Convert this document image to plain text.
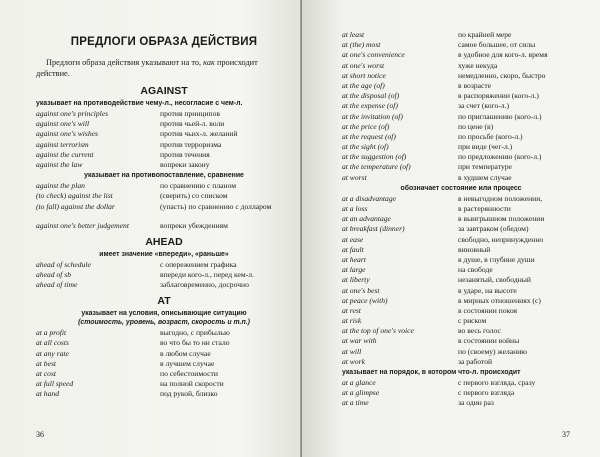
ПРЕДЛОГИ ОБРАЗА ДЕЙСТВИЯ

Предлоги образа действия указывают на то, как происходит действие.

AGAINST
указывает на противодействие чему-л., несогласие с чем-л.
against one's principles	против принципов
against one's will	против чьей-л. воли
against one's wishes	против чьих-л. желаний
against terrorism	против терроризма
against the current	против течения
against the law	вопреки закону
указывает на противопоставление, сравнение
against the plan	по сравнению с планом
(to check) against the list	(сверить) со списком
(to fall) against the dollar	(упасть) по сравнению с долларом
against one's better judgement	вопреки убеждениям
AHEAD
имеет значение «впереди», «раньше»
ahead of schedule	с опережением графика
ahead of sb	впереди кого-л., перед кем-л.
ahead of time	заблаговременно, досрочно
AT
указывает на условия, описывающие ситуацию
(стоимость, уровень, возраст, скорость и т.п.)
at a profit	выгодно, с прибылью
at all costs	во что бы то ни стало
at any rate	в любом случае
at best	в лучшем случае
at cost	по себестоимости
at full speed	на полной скорости
at hand	под рукой, близко
36
at least	по крайней мере
at (the) most	самое большее, от силы
at one's convenience	в удобное для кого-л. время
at one's worst	хуже некуда
at short notice	немедленно, скоро, быстро
at the age (of)	в возрасте
at the disposal (of)	в распоряжении (кого-л.)
at the expense (of)	за счет (кого-л.)
at the invitation (of)	по приглашению (кого-л.)
at the price (of)	по цене (в)
at the request (of)	по просьбе (кого-л.)
at the sight (of)	при виде (чег-л.)
at the suggestion (of)	по предложению (кого-л.)
at the temperature (of)	при температуре
at worst	в худшем случае
обозначает состояние или процесс
at a disadvantage	в невыгодном положении,
at a loss	в растерянности
at an advantage	в выигрышном положении
at breakfast (dinner)	за завтраком (обедом)
at ease	свободно, непринужденно
at fault	виновный
at heart	в душе, в глубине души
at large	на свободе
at liberty	незанятый, свободный
at one's best	в ударе, на высоте
at peace (with)	в мирных отношениях (с)
at rest	в состоянии покоя
at risk	с риском
at the top of one's voice	во весь голос
at war with	в состоянии войны
at will	по (своему) желанию
at work	за работой
указывает на порядок, в котором что-л. происходит
at a glance	с первого взгляда, сразу
at a glimpse	с первого взгляда
at a time	за один раз
37
